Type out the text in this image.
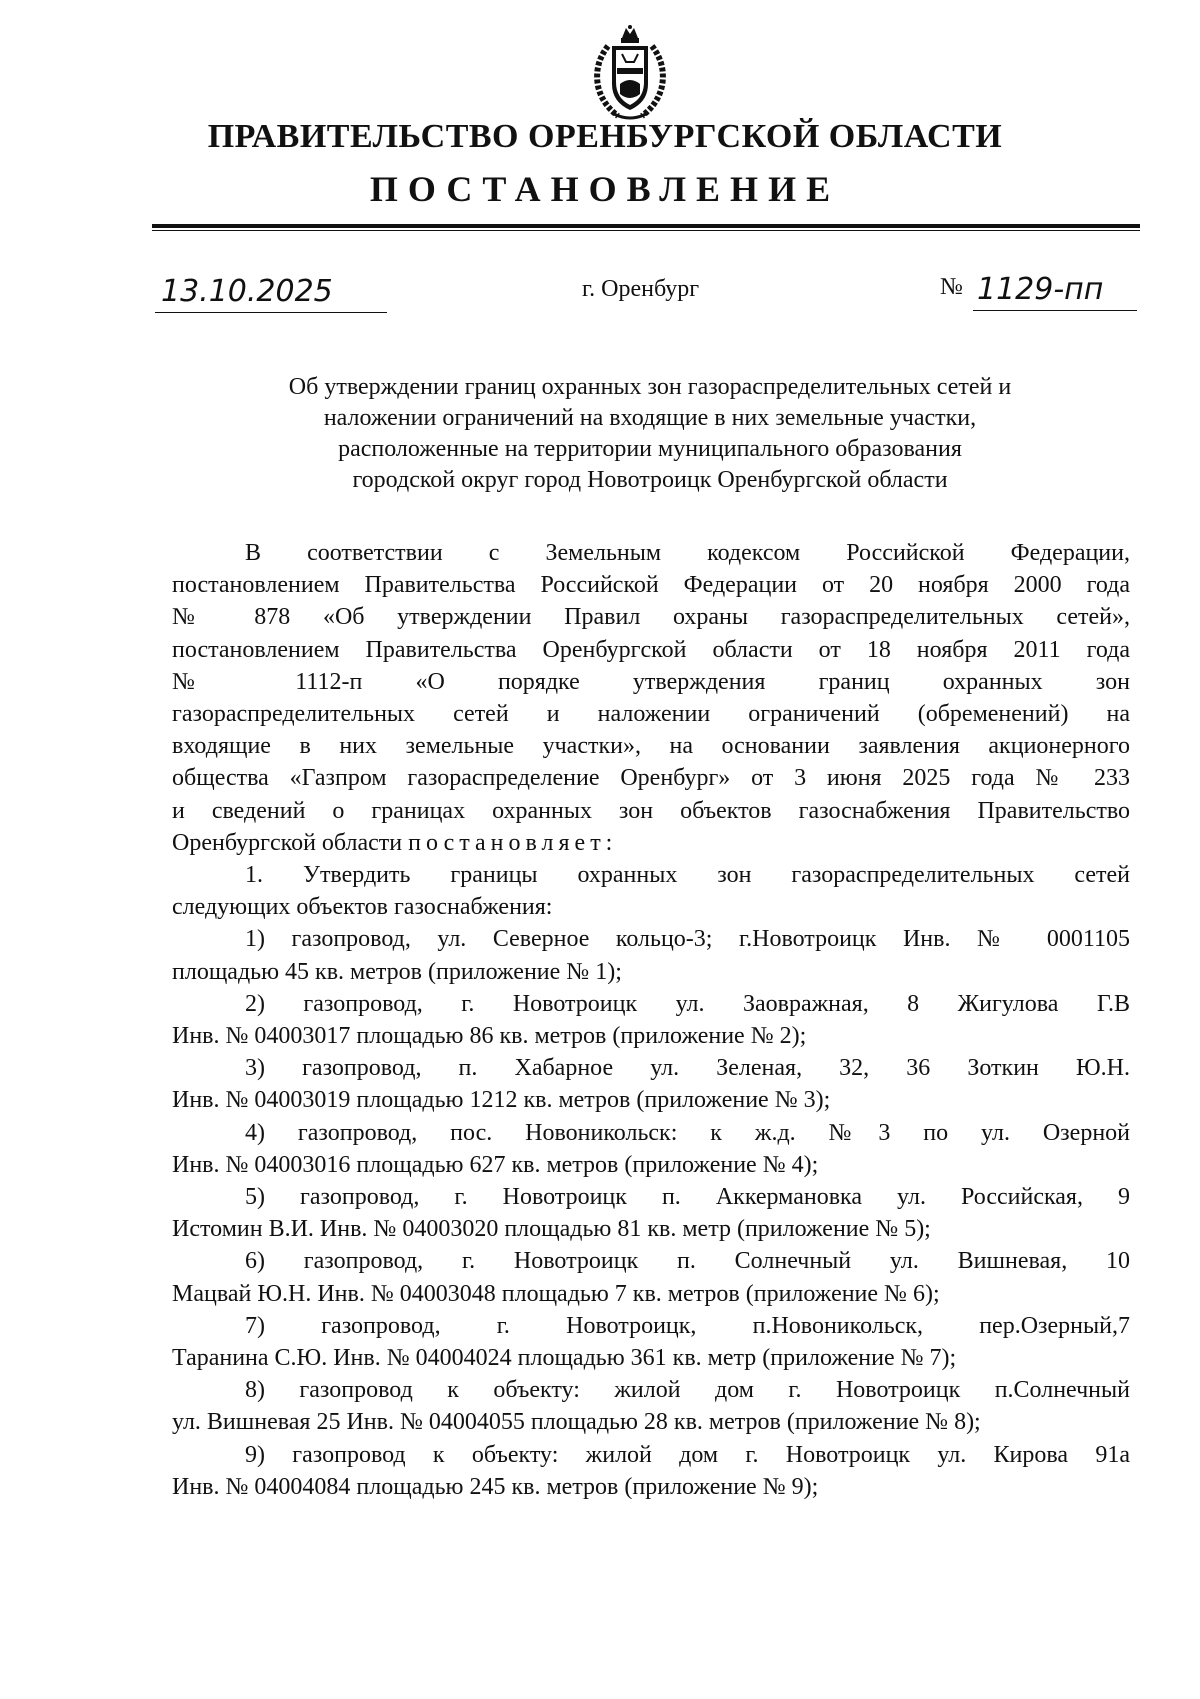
ПРАВИТЕЛЬСТВО ОРЕНБУРГСКОЙ ОБЛАСТИ
ПОСТАНОВЛЕНИЕ
13.10.2025	г. Оренбург	№ 1129-пп
Об утверждении границ охранных зон газораспределительных сетей и
наложении ограничений на входящие в них земельные участки,
расположенные на территории муниципального образования
городской округ город Новотроицк Оренбургской области

В соответствии с Земельным кодексом Российской Федерации,

постановлением Правительства Российской Федерации от 20 ноября 2000 года

№ 878 «Об утверждении Правил охраны газораспределительных сетей»,

постановлением Правительства Оренбургской области от 18 ноября 2011 года

№ 1112-п «О порядке утверждения границ охранных зон

газораспределительных сетей и наложении ограничений (обременений) на

входящие в них земельные участки», на основании заявления акционерного

общества «Газпром газораспределение Оренбург» от 3 июня 2025 года № 233

и сведений о границах охранных зон объектов газоснабжения Правительство

Оренбургской области постановляет:

1. Утвердить границы охранных зон газораспределительных сетей

следующих объектов газоснабжения:

1) газопровод, ул. Северное кольцо-3; г.Новотроицк Инв. № 0001105

площадью 45 кв. метров (приложение № 1);

2) газопровод, г. Новотроицк ул. Заовражная, 8 Жигулова Г.В

Инв. № 04003017 площадью 86 кв. метров (приложение № 2);

3) газопровод, п. Хабарное ул. Зеленая, 32, 36 Зоткин Ю.Н.

Инв. № 04003019 площадью 1212 кв. метров (приложение № 3);

4) газопровод, пос. Новоникольск: к ж.д. №3 по ул. Озерной

Инв. № 04003016 площадью 627 кв. метров (приложение № 4);

5) газопровод, г. Новотроицк п. Аккермановка ул. Российская, 9

Истомин В.И. Инв. № 04003020 площадью 81 кв. метр (приложение № 5);

6) газопровод, г. Новотроицк п. Солнечный ул. Вишневая, 10

Мацвай Ю.Н. Инв. № 04003048 площадью 7 кв. метров (приложение № 6);

7) газопровод, г. Новотроицк, п.Новоникольск, пер.Озерный,7

Таранина С.Ю. Инв. № 04004024 площадью 361 кв. метр (приложение № 7);

8) газопровод к объекту: жилой дом г. Новотроицк п.Солнечный

ул. Вишневая 25 Инв. № 04004055 площадью 28 кв. метров (приложение № 8);

9) газопровод к объекту: жилой дом г. Новотроицк ул. Кирова 91а

Инв. № 04004084 площадью 245 кв. метров (приложение № 9);
